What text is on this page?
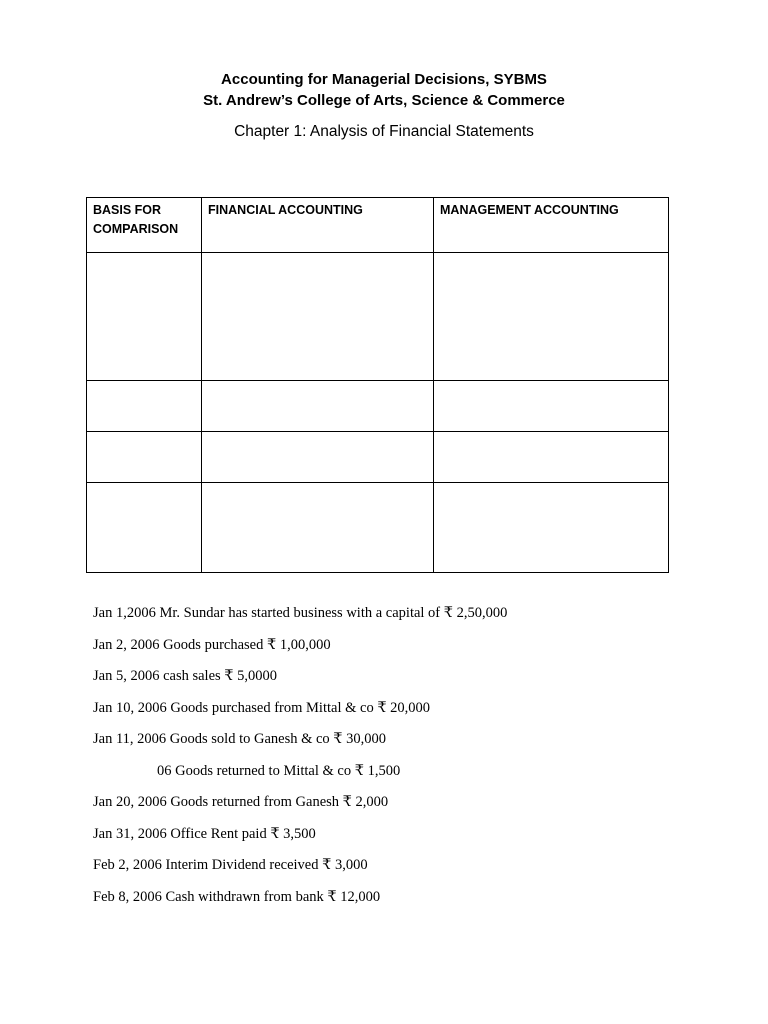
Accounting for Managerial Decisions, SYBMS
St. Andrew’s College of Arts, Science & Commerce
Chapter 1: Analysis of Financial Statements
BASIS FOR COMPARISON	FINANCIAL ACCOUNTING	MANAGEMENT ACCOUNTING

Jan 1,2006 Mr. Sundar has started business with a capital of ₹ 2,50,000
Jan 2, 2006 Goods purchased ₹ 1,00,000
Jan 5, 2006 cash sales ₹ 5,0000
Jan 10, 2006 Goods purchased from Mittal & co ₹ 20,000
Jan 11, 2006 Goods sold to Ganesh & co ₹ 30,000
06 Goods returned to Mittal & co ₹ 1,500
Jan 20, 2006 Goods returned from Ganesh ₹ 2,000
Jan 31, 2006 Office Rent paid ₹ 3,500
Feb 2, 2006 Interim Dividend received ₹ 3,000
Feb 8, 2006 Cash withdrawn from bank ₹ 12,000
